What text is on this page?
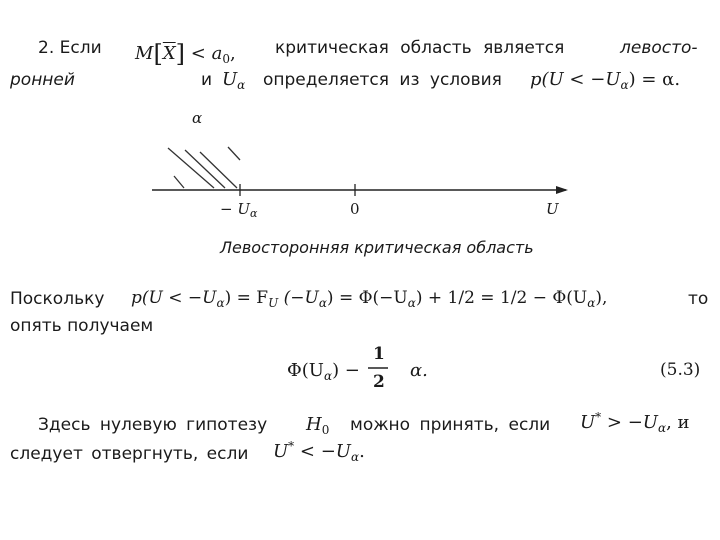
2. Если $M[\overline{X}] < a_0$, критическая область является	левосто-
ронней	и $U_\alpha$ определяется из условия $p(U < -U_\alpha) = \alpha$.
α
− $U_\alpha$	0	U
Левосторонняя критическая область
Поскольку $p(U < -U_\alpha) = F_U$ $(-U_\alpha) = \Phi(-U_\alpha) + 1/2 = 1/2 - \Phi(U_\alpha)$,	то
опять получаем
$\Phi(U_\alpha)$ −
1
2
α.	(5.3)
Здесь нулевую гипотезу $H_0$ можно принять, если $U^* > -U_\alpha$, и
следует отвергнуть, если $U^* < -U_\alpha$.
